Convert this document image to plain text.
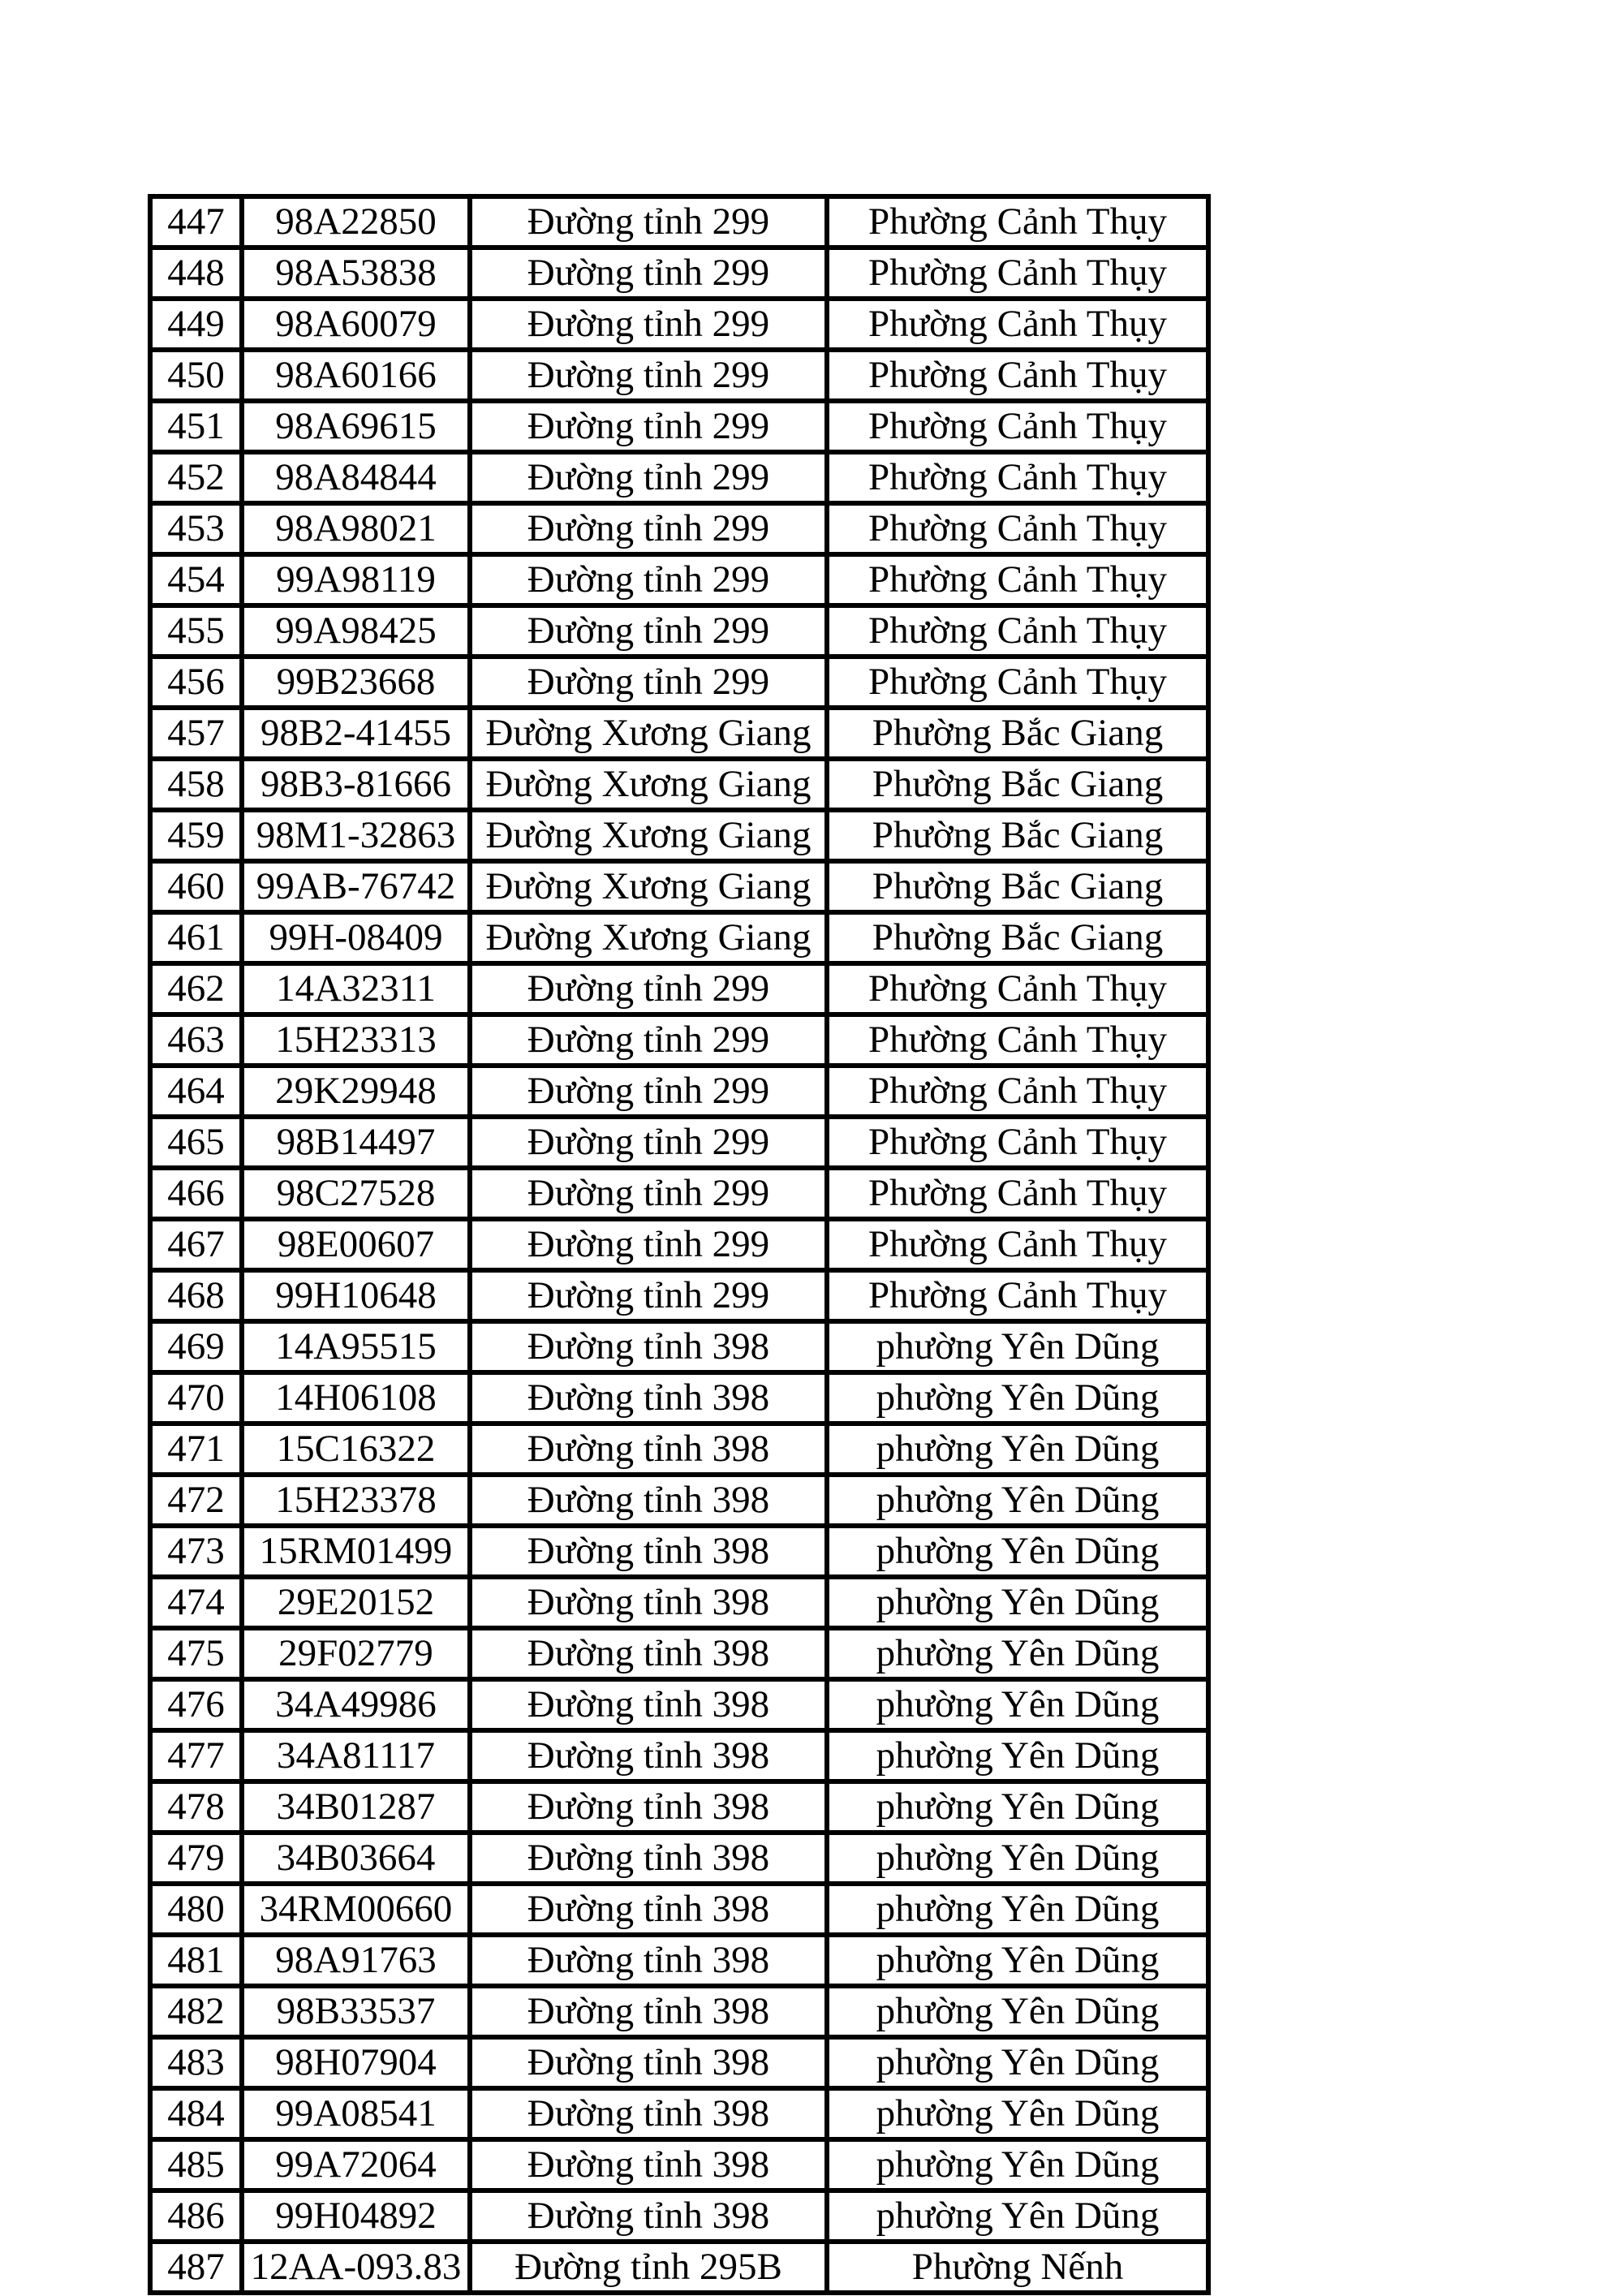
447	98A22850	Đường tỉnh 299	Phường Cảnh Thụy
448	98A53838	Đường tỉnh 299	Phường Cảnh Thụy
449	98A60079	Đường tỉnh 299	Phường Cảnh Thụy
450	98A60166	Đường tỉnh 299	Phường Cảnh Thụy
451	98A69615	Đường tỉnh 299	Phường Cảnh Thụy
452	98A84844	Đường tỉnh 299	Phường Cảnh Thụy
453	98A98021	Đường tỉnh 299	Phường Cảnh Thụy
454	99A98119	Đường tỉnh 299	Phường Cảnh Thụy
455	99A98425	Đường tỉnh 299	Phường Cảnh Thụy
456	99B23668	Đường tỉnh 299	Phường Cảnh Thụy
457	98B2-41455	Đường Xương Giang	Phường Bắc Giang
458	98B3-81666	Đường Xương Giang	Phường Bắc Giang
459	98M1-32863	Đường Xương Giang	Phường Bắc Giang
460	99AB-76742	Đường Xương Giang	Phường Bắc Giang
461	99H-08409	Đường Xương Giang	Phường Bắc Giang
462	14A32311	Đường tỉnh 299	Phường Cảnh Thụy
463	15H23313	Đường tỉnh 299	Phường Cảnh Thụy
464	29K29948	Đường tỉnh 299	Phường Cảnh Thụy
465	98B14497	Đường tỉnh 299	Phường Cảnh Thụy
466	98C27528	Đường tỉnh 299	Phường Cảnh Thụy
467	98E00607	Đường tỉnh 299	Phường Cảnh Thụy
468	99H10648	Đường tỉnh 299	Phường Cảnh Thụy
469	14A95515	Đường tỉnh 398	phường Yên Dũng
470	14H06108	Đường tỉnh 398	phường Yên Dũng
471	15C16322	Đường tỉnh 398	phường Yên Dũng
472	15H23378	Đường tỉnh 398	phường Yên Dũng
473	15RM01499	Đường tỉnh 398	phường Yên Dũng
474	29E20152	Đường tỉnh 398	phường Yên Dũng
475	29F02779	Đường tỉnh 398	phường Yên Dũng
476	34A49986	Đường tỉnh 398	phường Yên Dũng
477	34A81117	Đường tỉnh 398	phường Yên Dũng
478	34B01287	Đường tỉnh 398	phường Yên Dũng
479	34B03664	Đường tỉnh 398	phường Yên Dũng
480	34RM00660	Đường tỉnh 398	phường Yên Dũng
481	98A91763	Đường tỉnh 398	phường Yên Dũng
482	98B33537	Đường tỉnh 398	phường Yên Dũng
483	98H07904	Đường tỉnh 398	phường Yên Dũng
484	99A08541	Đường tỉnh 398	phường Yên Dũng
485	99A72064	Đường tỉnh 398	phường Yên Dũng
486	99H04892	Đường tỉnh 398	phường Yên Dũng
487	12AA-093.83	Đường tỉnh 295B	Phường Nếnh
